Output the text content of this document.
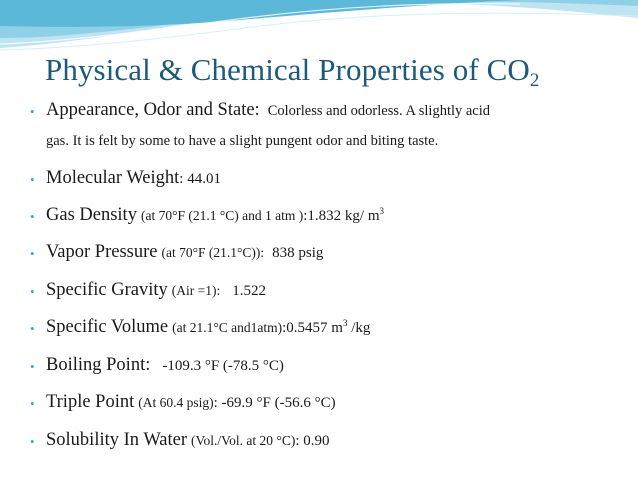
Physical & Chemical Properties of $CO_2$
• Appearance, Odor and State: Colorless and odorless. A slightly acid
gas. It is felt by some to have a slight pungent odor and biting taste.
• Molecular Weight: 44.01
• Gas Density (at 70°F (21.1 °C) and 1 atm ):1.832 kg/ $m^3$
• Vapor Pressure (at 70°F (21.1°C)): 838 psig
• Specific Gravity (Air =1): 1.522
• Specific Volume (at 21.1°C and1atm):0.5457 $m^3$ /kg
• Boiling Point: -109.3 °F (-78.5 °C)
• Triple Point (At 60.4 psig): -69.9 °F (-56.6 °C)
• Solubility In Water (Vol./Vol. at 20 °C): 0.90
